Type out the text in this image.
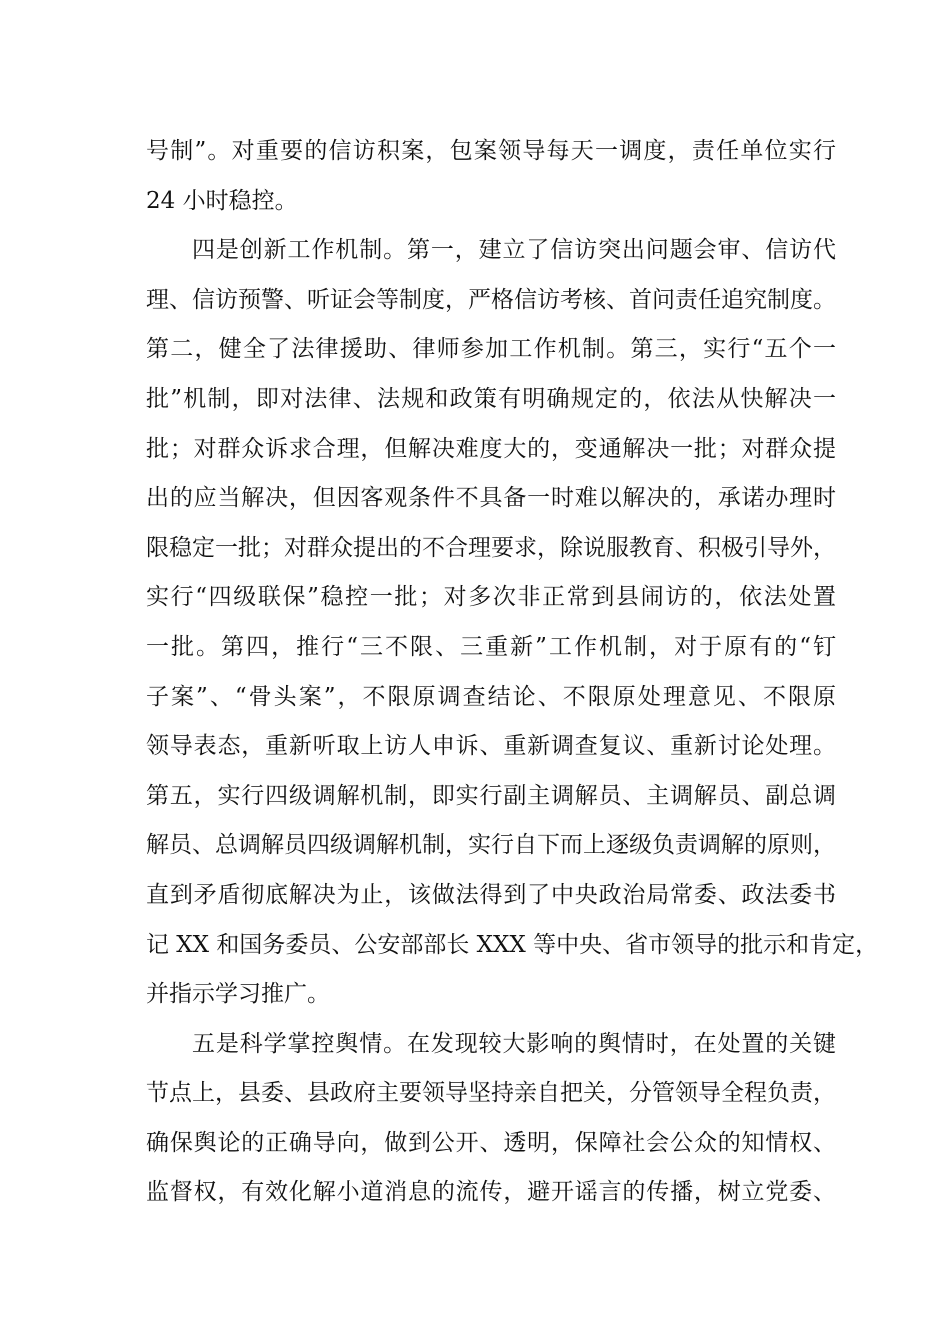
号制”。对重要的信访积案，包案领导每天一调度，责任单位实行
24 小时稳控。
四是创新工作机制。第一，建立了信访突出问题会审、信访代
理、信访预警、听证会等制度，严格信访考核、首问责任追究制度。
第二，健全了法律援助、律师参加工作机制。第三，实行“五个一
批”机制，即对法律、法规和政策有明确规定的，依法从快解决一
批；对群众诉求合理，但解决难度大的，变通解决一批；对群众提
出的应当解决，但因客观条件不具备一时难以解决的，承诺办理时
限稳定一批；对群众提出的不合理要求，除说服教育、积极引导外，
实行“四级联保”稳控一批；对多次非正常到县闹访的，依法处置
一批。第四，推行“三不限、三重新”工作机制，对于原有的“钉
子案”、“骨头案”，不限原调查结论、不限原处理意见、不限原
领导表态，重新听取上访人申诉、重新调查复议、重新讨论处理。
第五，实行四级调解机制，即实行副主调解员、主调解员、副总调
解员、总调解员四级调解机制，实行自下而上逐级负责调解的原则，
直到矛盾彻底解决为止，该做法得到了中央政治局常委、政法委书
记 XX 和国务委员、公安部部长 XXX 等中央、省市领导的批示和肯定，
并指示学习推广。
五是科学掌控舆情。在发现较大影响的舆情时，在处置的关键
节点上，县委、县政府主要领导坚持亲自把关，分管领导全程负责，
确保舆论的正确导向，做到公开、透明，保障社会公众的知情权、
监督权，有效化解小道消息的流传，避开谣言的传播，树立党委、
